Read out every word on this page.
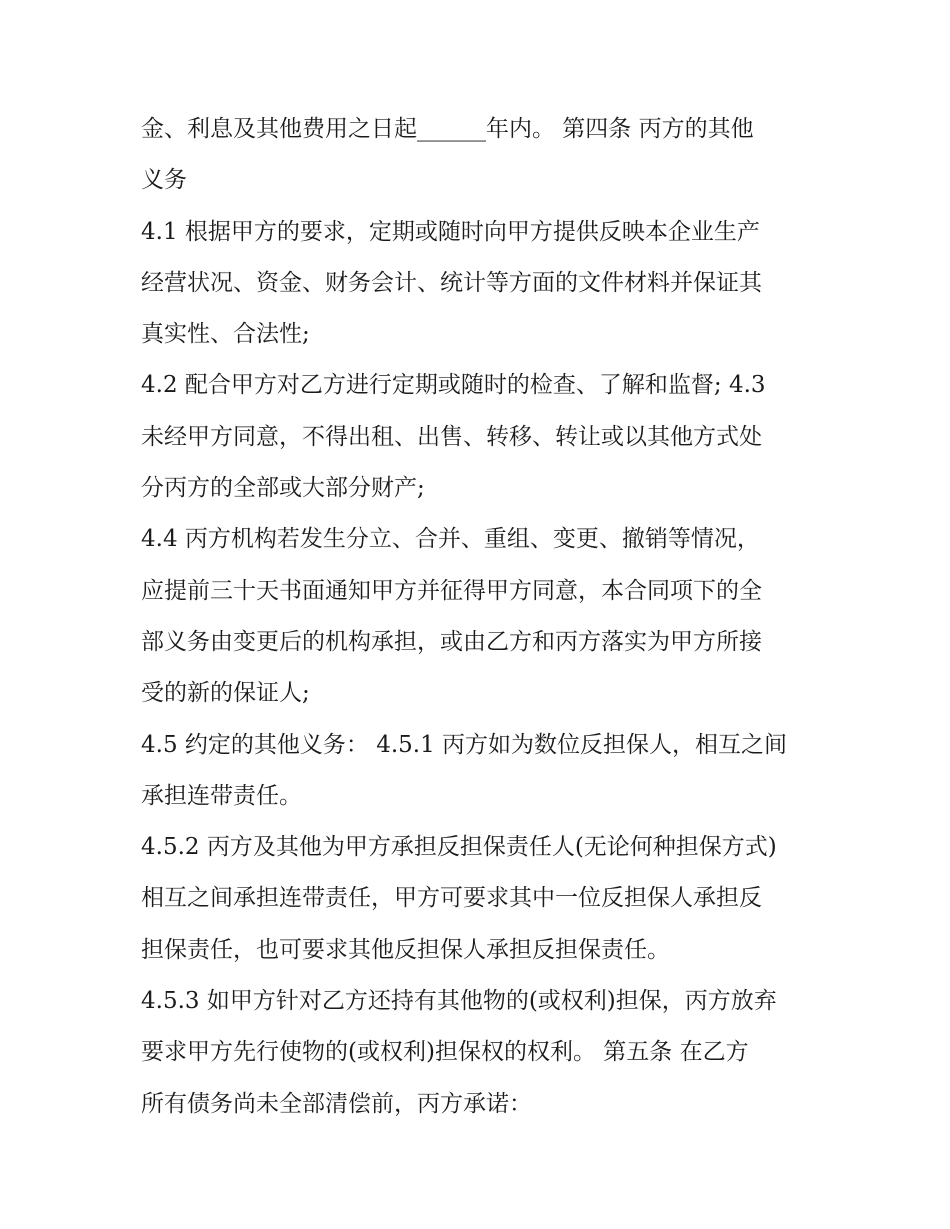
金、利息及其他费用之日起______年内。 第四条 丙方的其他
义务
4.1 根据甲方的要求，定期或随时向甲方提供反映本企业生产
经营状况、资金、财务会计、统计等方面的文件材料并保证其
真实性、合法性;
4.2 配合甲方对乙方进行定期或随时的检查、了解和监督; 4.3
未经甲方同意，不得出租、出售、转移、转让或以其他方式处
分丙方的全部或大部分财产;
4.4 丙方机构若发生分立、合并、重组、变更、撤销等情况，
应提前三十天书面通知甲方并征得甲方同意，本合同项下的全
部义务由变更后的机构承担，或由乙方和丙方落实为甲方所接
受的新的保证人;
4.5 约定的其他义务： 4.5.1 丙方如为数位反担保人，相互之间
承担连带责任。
4.5.2 丙方及其他为甲方承担反担保责任人(无论何种担保方式)
相互之间承担连带责任，甲方可要求其中一位反担保人承担反
担保责任，也可要求其他反担保人承担反担保责任。
4.5.3 如甲方针对乙方还持有其他物的(或权利)担保，丙方放弃
要求甲方先行使物的(或权利)担保权的权利。 第五条 在乙方
所有债务尚未全部清偿前，丙方承诺：
